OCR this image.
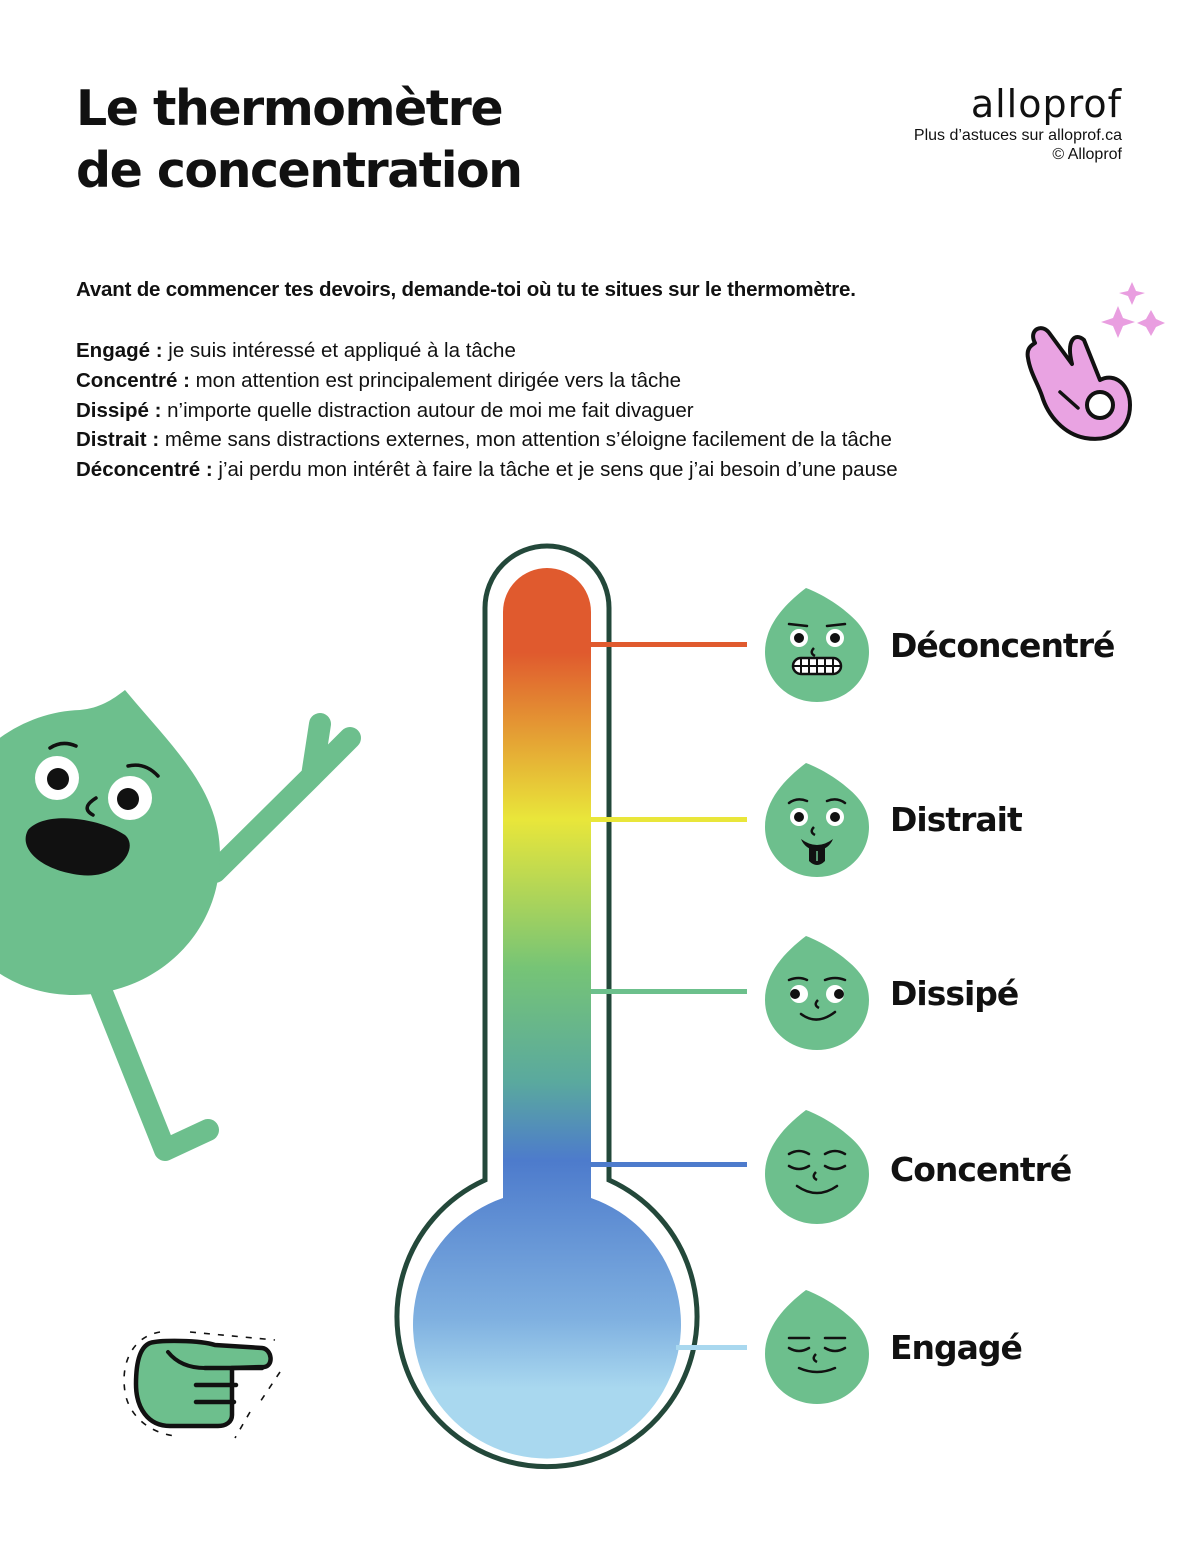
Le thermomètre
de concentration
alloprof
Plus d’astuces sur alloprof.ca
© Alloprof

Avant de commencer tes devoirs, demande-toi où tu te situes sur le thermomètre.

Engagé : je suis intéressé et appliqué à la tâche
Concentré : mon attention est principalement dirigée vers la tâche
Dissipé : n’importe quelle distraction autour de moi me fait divaguer
Distrait : même sans distractions externes, mon attention s’éloigne facilement de la tâche
Déconcentré : j’ai perdu mon intérêt à faire la tâche et je sens que j’ai besoin d’une pause
Déconcentré
Distrait
Dissipé
Concentré
Engagé
